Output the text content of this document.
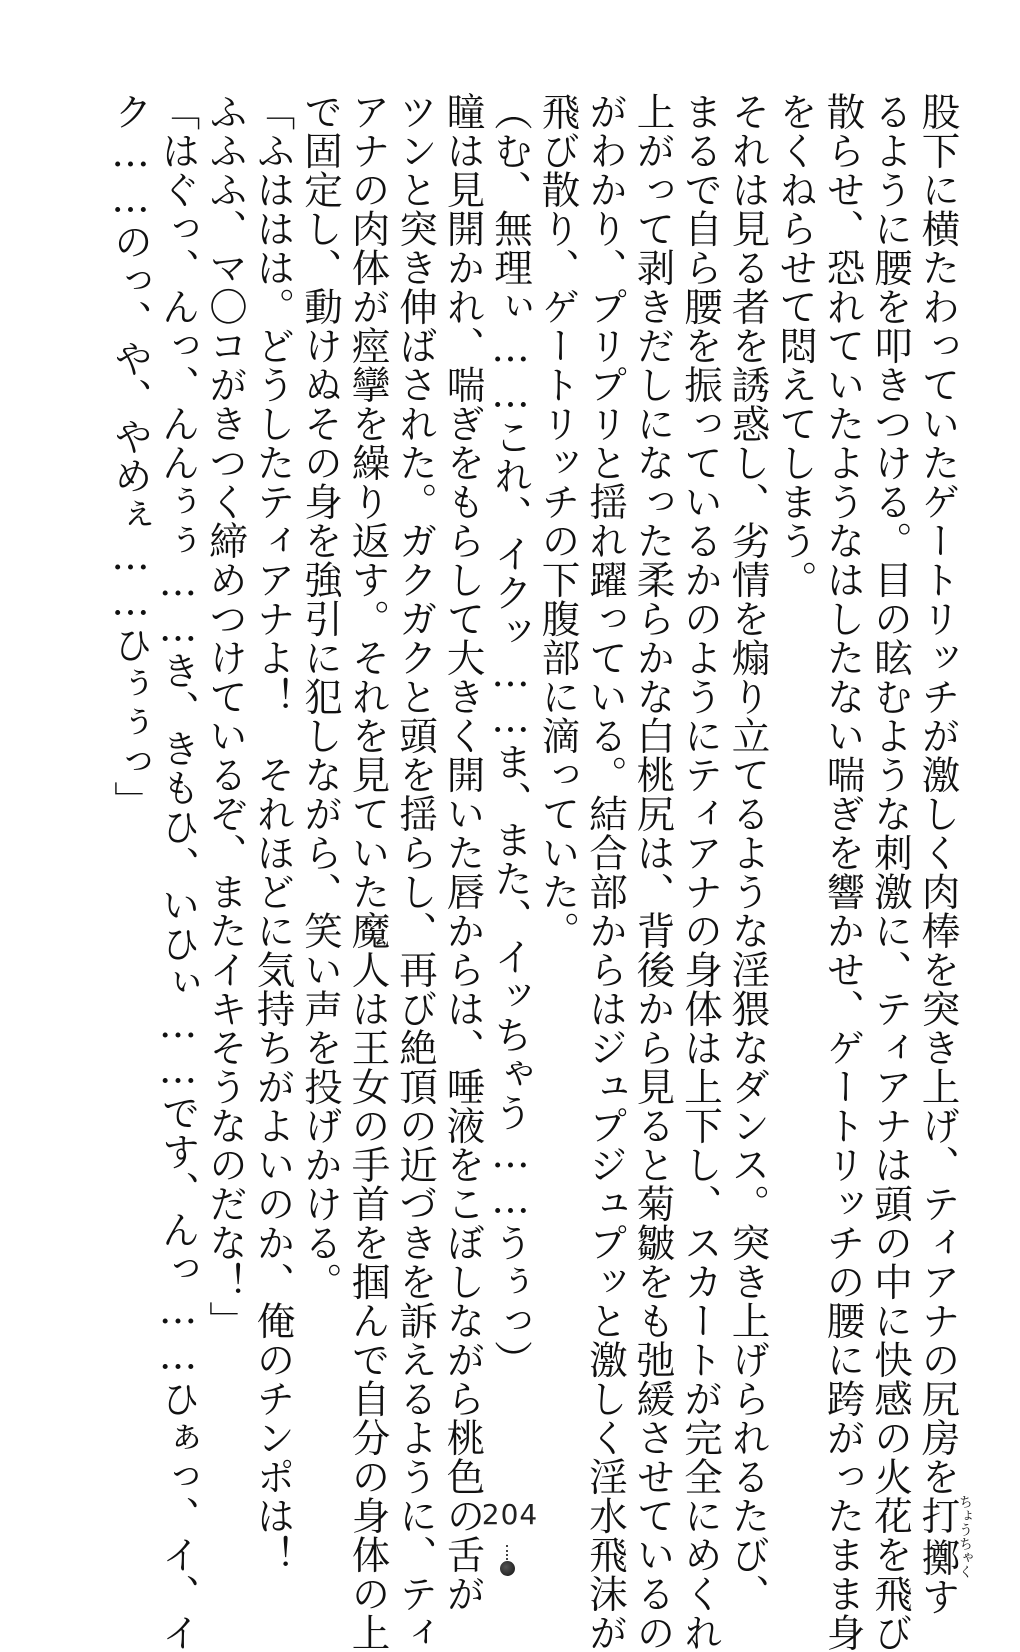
股下に横たわっていたゲートリッチが激しく肉棒を突き上げ、ティアナの尻房を打擲ちょうちゃくす
るように腰を叩きつける。目の眩むような刺激に、ティアナは頭の中に快感の火花を飛び
散らせ、恐れていたようなはしたない喘ぎを響かせ、ゲートリッチの腰に跨がったまま身
をくねらせて悶えてしまう。
それは見る者を誘惑し、劣情を煽り立てるような淫猥なダンス。突き上げられるたび、
まるで自ら腰を振っているかのようにティアナの身体は上下し、スカートが完全にめくれ
上がって剥きだしになった柔らかな白桃尻は、背後から見ると菊皺をも弛緩させているの
がわかり、プリプリと揺れ躍っている。結合部からはジュプジュプッと激しく淫水飛沫が
飛び散り、ゲートリッチの下腹部に滴っていた。
（む、無理ぃ……これ、イクッ……ま、また、イッちゃう……うぅっ）
瞳は見開かれ、喘ぎをもらして大きく開いた唇からは、唾液をこぼしながら桃色の舌が
ツンと突き伸ばされた。ガクガクと頭を揺らし、再び絶頂の近づきを訴えるように、ティ
アナの肉体が痙攣を繰り返す。それを見ていた魔人は王女の手首を掴んで自分の身体の上
で固定し、動けぬその身を強引に犯しながら、笑い声を投げかける。
「ふははは。どうしたティアナよ！　それほどに気持ちがよいのか、俺のチンポは！
ふふふ、マ〇コがきつく締めつけているぞ、またイキそうなのだな！」
「はぐっ、んっ、んんぅぅ……き、きもひ、いひぃ……です、んっ……ひぁっ、イ、イ
ク……のっ、や、やめぇ……ひぅぅっ」
204
